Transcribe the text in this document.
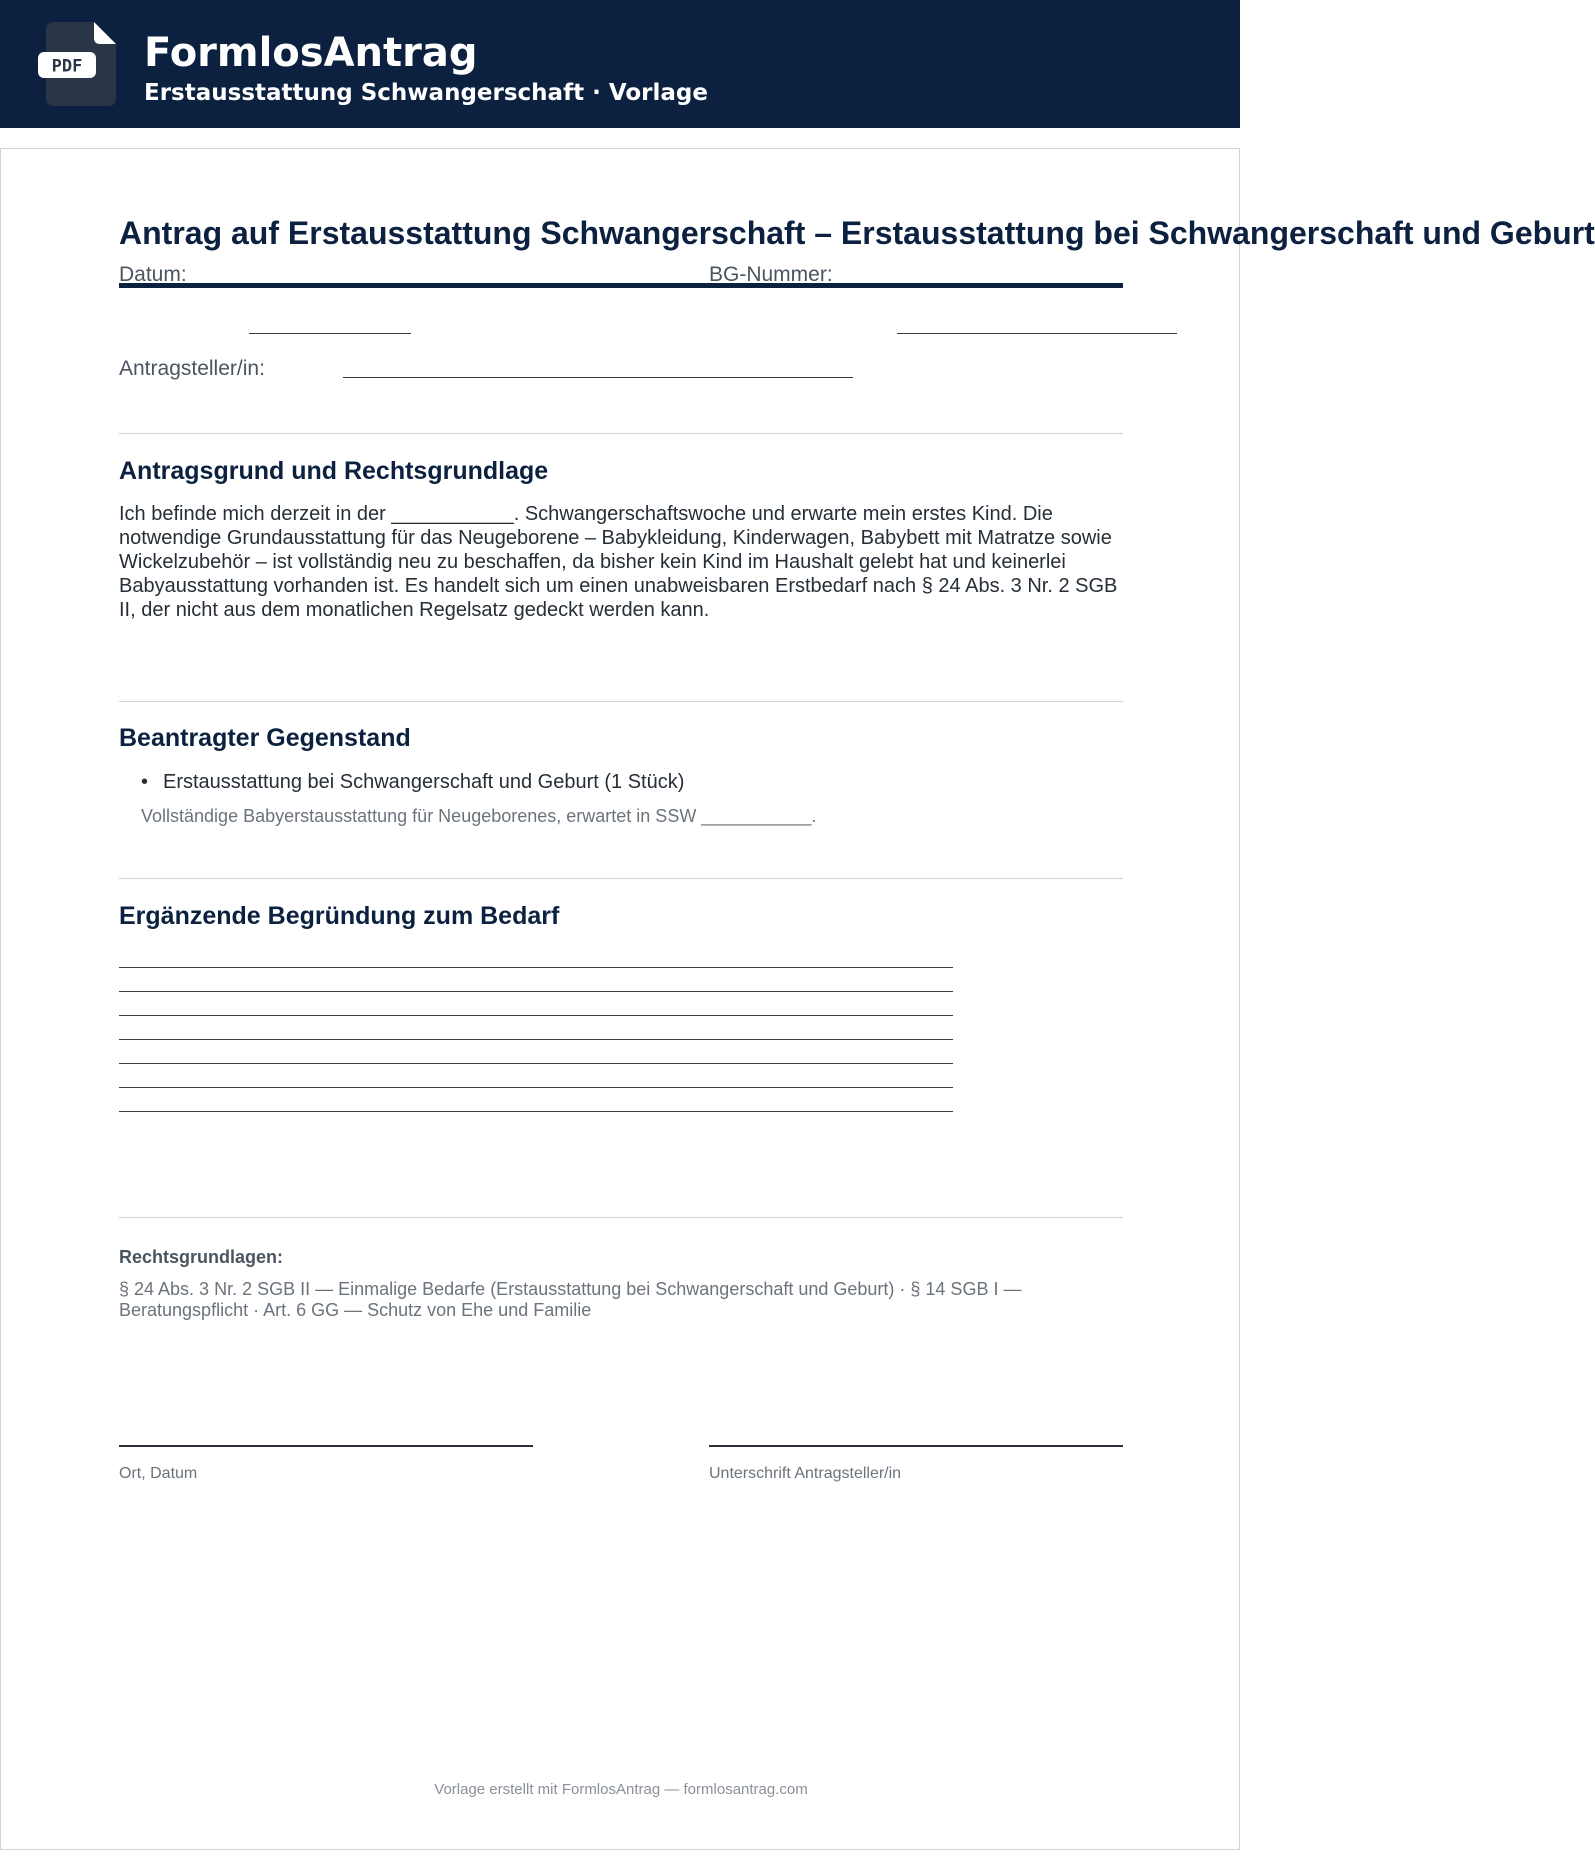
PDF FormlosAntrag
Erstausstattung Schwangerschaft · Vorlage
Antrag auf Erstausstattung Schwangerschaft – Erstausstattung bei Schwangerschaft und Geburt
Datum:	BG-Nummer:
Antragsteller/in:
Antragsgrund und Rechtsgrundlage
Ich befinde mich derzeit in der ___________. Schwangerschaftswoche und erwarte mein erstes Kind. Die notwendige Grundausstattung für das Neugeborene – Babykleidung, Kinderwagen, Babybett mit Matratze sowie Wickelzubehör – ist vollständig neu zu beschaffen, da bisher kein Kind im Haushalt gelebt hat und keinerlei Babyausstattung vorhanden ist. Es handelt sich um einen unabweisbaren Erstbedarf nach § 24 Abs. 3 Nr. 2 SGB II, der nicht aus dem monatlichen Regelsatz gedeckt werden kann.
Beantragter Gegenstand
• Erstausstattung bei Schwangerschaft und Geburt (1 Stück)
Vollständige Babyerstausstattung für Neugeborenes, erwartet in SSW ___________.
Ergänzende Begründung zum Bedarf
Rechtsgrundlagen:
§ 24 Abs. 3 Nr. 2 SGB II — Einmalige Bedarfe (Erstausstattung bei Schwangerschaft und Geburt) · § 14 SGB I — Beratungspflicht · Art. 6 GG — Schutz von Ehe und Familie
Ort, Datum	Unterschrift Antragsteller/in
Vorlage erstellt mit FormlosAntrag — formlosantrag.com
